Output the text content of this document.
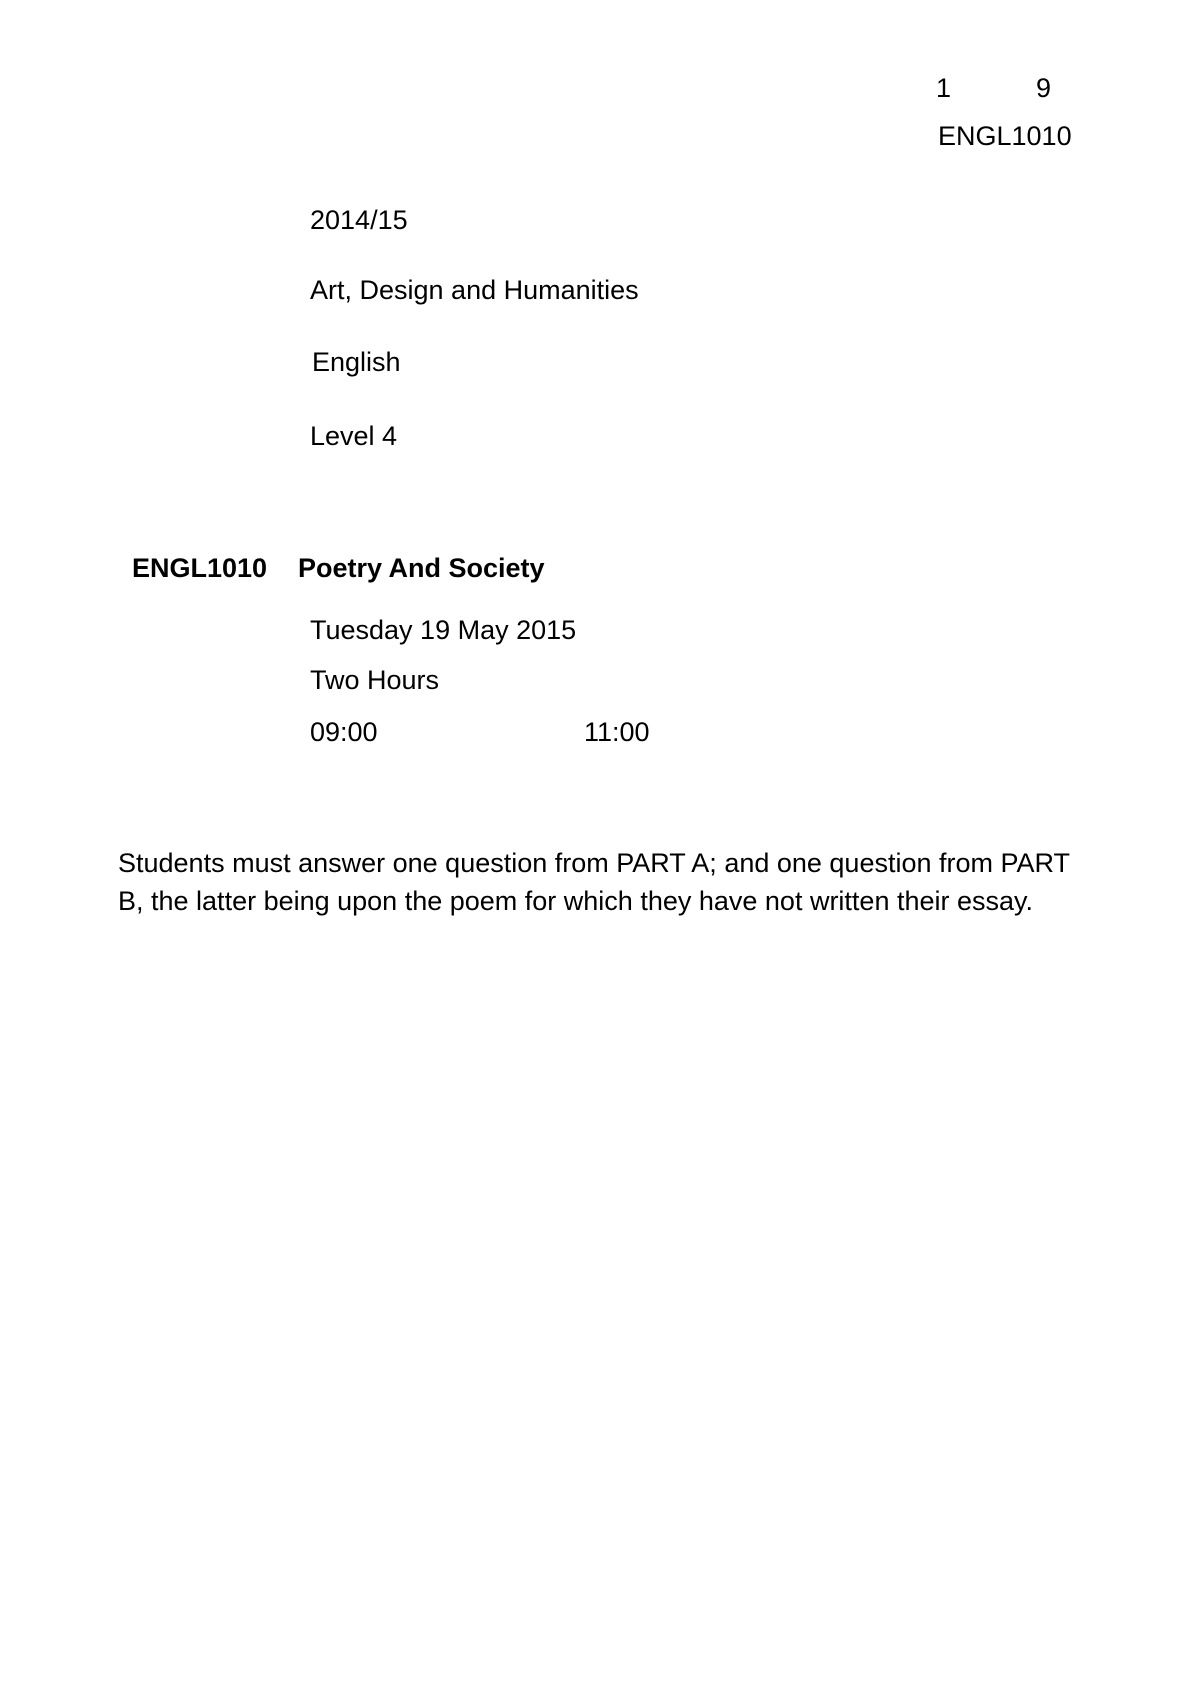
1	9
ENGL1010
2014/15
Art, Design and Humanities
English
Level 4
ENGL1010 Poetry And Society
Tuesday 19 May 2015
Two Hours
09:00	11:00
Students must answer one question from PART A; and one question from PART B, the latter being upon the poem for which they have not written their essay.
